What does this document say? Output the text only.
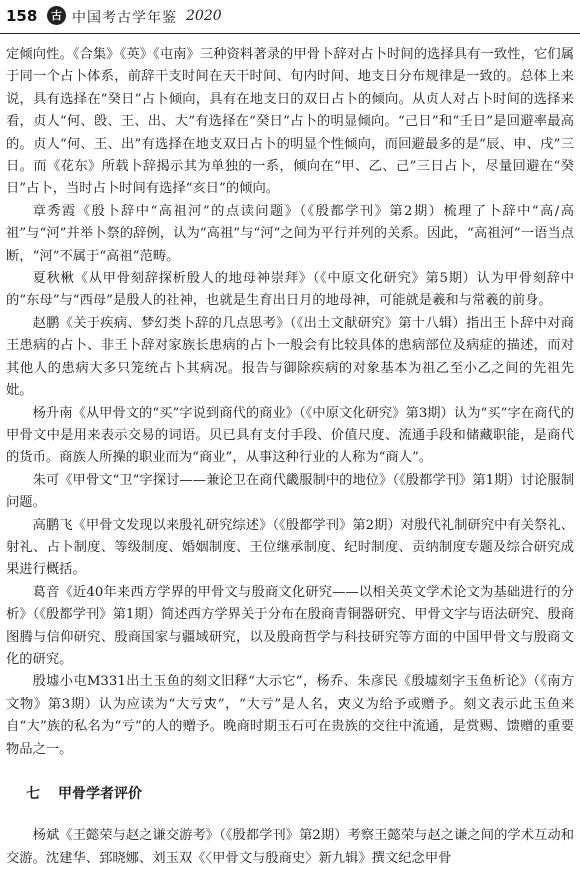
158	古 中国考古学年鉴 2020

定倾向性。《合集》《英》《屯南》三种资料著录的甲骨卜辞对占卜时间的选择具有一致性，它们属于同一个占卜体系，前辞干支时间在天干时间、旬内时间、地支日分布规律是一致的。总体上来说，具有选择在“癸日”占卜倾向，具有在地支日的双日占卜的倾向。从贞人对占卜时间的选择来看，贞人“何、𣪘、王、出、大”有选择在“癸日”占卜的明显倾向。“己日”和“壬日”是回避率最高的。贞人“何、王、出”有选择在地支双日占卜的明显个性倾向，而回避最多的是“辰、申、戌”三日。而《花东》所载卜辞揭示其为单独的一系，倾向在“甲、乙、己”三日占卜，尽量回避在“癸日”占卜，当时占卜时间有选择“亥日”的倾向。

章秀霞《殷卜辞中“高祖河”的点读问题》（《殷都学刊》第2期）梳理了卜辞中“高/高祖”与“河”并举卜祭的辞例，认为“高祖”与“河”之间为平行并列的关系。因此，“高祖河”一语当点断，“河”不属于“高祖”范畴。

夏秋楸《从甲骨刻辞探析殷人的地母神崇拜》（《中原文化研究》第5期）认为甲骨刻辞中的“东母”与“西母”是殷人的社神，也就是生育出日月的地母神，可能就是羲和与常羲的前身。

赵鹏《关于疾病、梦幻类卜辞的几点思考》（《出土文献研究》第十八辑）指出王卜辞中对商王患病的占卜、非王卜辞对家族长患病的占卜一般会有比较具体的患病部位及病症的描述，而对其他人的患病大多只笼统占卜其病况。报告与御除疾病的对象基本为祖乙至小乙之间的先祖先妣。

杨升南《从甲骨文的“买”字说到商代的商业》（《中原文化研究》第3期）认为“买”字在商代的甲骨文中是用来表示交易的词语。贝已具有支付手段、价值尺度、流通手段和储藏职能，是商代的货币。商族人所操的职业而为“商业”，从事这种行业的人称为“商人”。

朱可《甲骨文“卫”字探讨——兼论卫在商代畿服制中的地位》（《殷都学刊》第1期）讨论服制问题。

高鹏飞《甲骨文发现以来殷礼研究综述》（《殷都学刊》第2期）对殷代礼制研究中有关祭礼、射礼、占卜制度、等级制度、婚姻制度、王位继承制度、纪时制度、贡纳制度专题及综合研究成果进行概括。

葛音《近40年来西方学界的甲骨文与殷商文化研究——以相关英文学术论文为基础进行的分析》（《殷都学刊》第1期）简述西方学界关于分布在殷商青铜器研究、甲骨文字与语法研究、殷商图腾与信仰研究、殷商国家与疆域研究，以及殷商哲学与科技研究等方面的中国甲骨文与殷商文化的研究。

殷墟小屯M331出土玉鱼的刻文旧释“大示它”，杨乔、朱彦民《殷墟刻字玉鱼析论》（《南方文物》第3期）认为应读为“大亏𡗜”，“大亏”是人名，𡗜义为给予或赠予。刻文表示此玉鱼来自“大”族的私名为“亏”的人的赠予。晚商时期玉石可在贵族的交往中流通，是赏赐、馈赠的重要物品之一。

七 甲骨学者评价

杨斌《王懿荣与赵之谦交游考》（《殷都学刊》第2期）考察王懿荣与赵之谦之间的学术互动和交游。沈建华、郅晓娜、刘玉双《〈甲骨文与殷商史〉新九辑》撰文纪念甲骨
